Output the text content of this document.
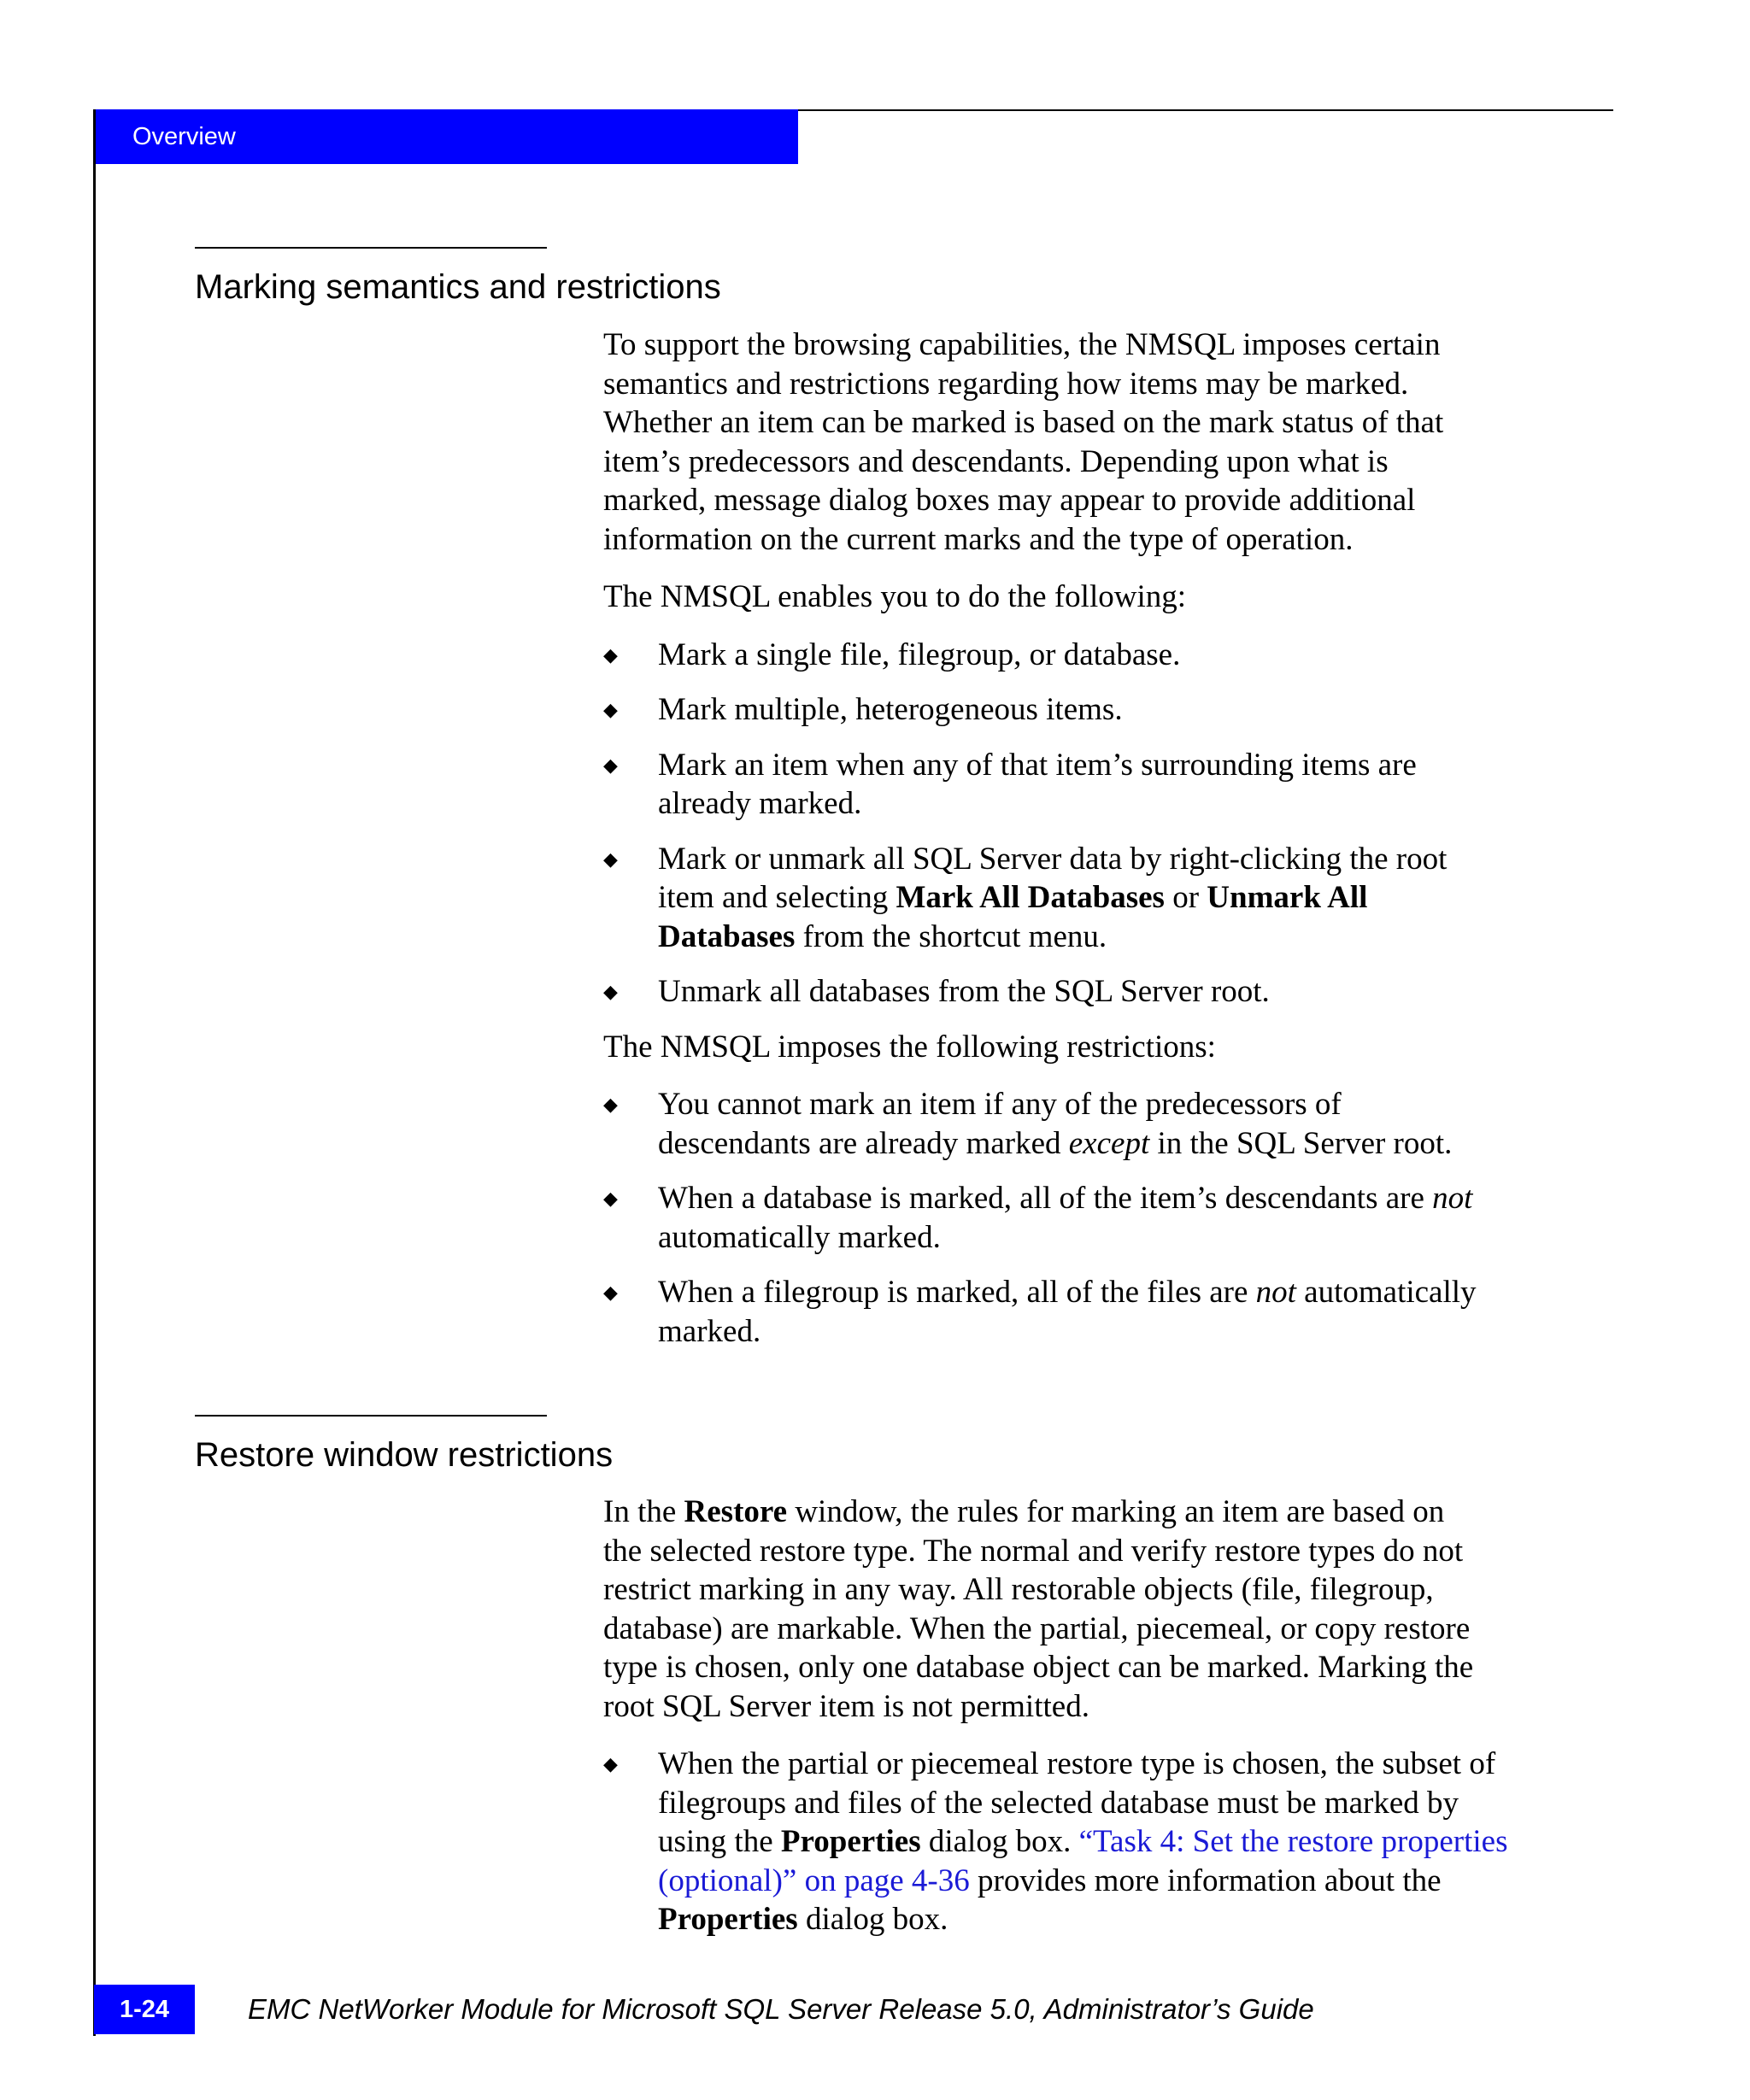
Overview
Marking semantics and restrictions

To support the browsing capabilities, the NMSQL imposes certain
semantics and restrictions regarding how items may be marked.
Whether an item can be marked is based on the mark status of that
item’s predecessors and descendants. Depending upon what is
marked, message dialog boxes may appear to provide additional
information on the current marks and the type of operation.

The NMSQL enables you to do the following:

◆ Mark a single file, filegroup, or database.
◆ Mark multiple, heterogeneous items.
◆ Mark an item when any of that item’s surrounding items are
already marked.
◆ Mark or unmark all SQL Server data by right-clicking the root
item and selecting Mark All Databases or Unmark All
Databases from the shortcut menu.
◆ Unmark all databases from the SQL Server root.

The NMSQL imposes the following restrictions:

◆ You cannot mark an item if any of the predecessors of
descendants are already marked except in the SQL Server root.
◆ When a database is marked, all of the item’s descendants are not
automatically marked.
◆ When a filegroup is marked, all of the files are not automatically
marked.
Restore window restrictions

In the Restore window, the rules for marking an item are based on
the selected restore type. The normal and verify restore types do not
restrict marking in any way. All restorable objects (file, filegroup,
database) are markable. When the partial, piecemeal, or copy restore
type is chosen, only one database object can be marked. Marking the
root SQL Server item is not permitted.

◆ When the partial or piecemeal restore type is chosen, the subset of
filegroups and files of the selected database must be marked by
using the Properties dialog box. “Task 4: Set the restore properties
(optional)” on page 4-36 provides more information about the
Properties dialog box.
1-24	EMC NetWorker Module for Microsoft SQL Server Release 5.0, Administrator’s Guide
